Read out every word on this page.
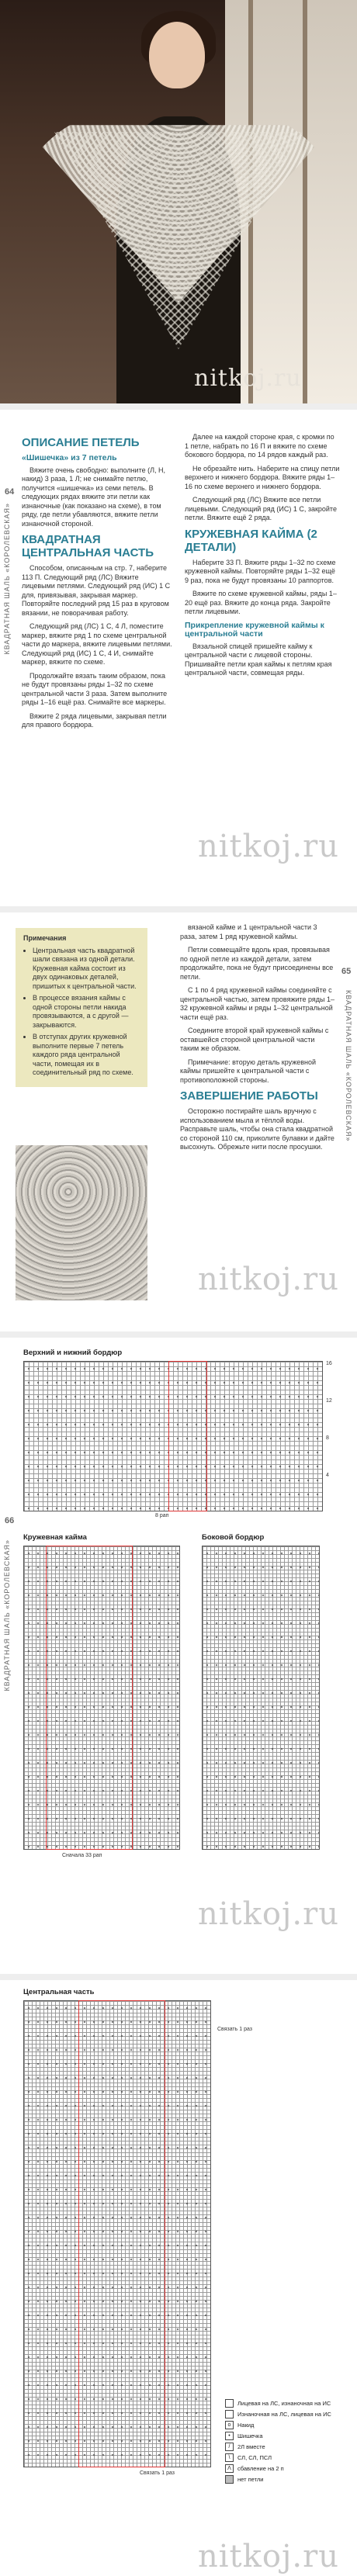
nitkoj.ru
КВАДРАТНАЯ ШАЛЬ «КОРОЛЕВСКАЯ»
64
ОПИСАНИЕ ПЕТЕЛЬ
«Шишечка» из 7 петель

Вяжите очень свободно: выполните (Л, Н, накид) 3 раза, 1 Л; не снимайте петлю, получится «шишечка» из семи петель. В следующих рядах вяжите эти петли как изнаночные (как показано на схеме), в том ряду, где петли убавляются, вяжите петли изнаночной стороной.

КВАДРАТНАЯ ЦЕНТРАЛЬНАЯ ЧАСТЬ

Способом, описанным на стр. 7, наберите 113 П. Следующий ряд (ЛС) Вяжите лицевыми петлями. Следующий ряд (ИС) 1 С для, привязывая, закрывая маркер. Повторяйте последний ряд 15 раз в круговом вязании, не поворачивая работу.

Следующий ряд (ЛС) 1 С, 4 Л, поместите маркер, вяжите ряд 1 по схеме центральной части до маркера, вяжите лицевыми петлями. Следующий ряд (ИС) 1 С, 4 И, снимайте маркер, вяжите по схеме.

Продолжайте вязать таким образом, пока не будут провязаны ряды 1–32 по схеме центральной части 3 раза. Затем выполните ряды 1–16 ещё раз. Снимайте все маркеры.

Вяжите 2 ряда лицевыми, закрывая петли для правого бордюра.

Далее на каждой стороне края, с кромки по 1 петле, набрать по 16 П и вяжите по схеме бокового бордюра, по 14 рядов каждый раз.

Не обрезайте нить. Наберите на спицу петли верхнего и нижнего бордюра. Вяжите ряды 1–16 по схеме верхнего и нижнего бордюра.

Следующий ряд (ЛС) Вяжите все петли лицевыми. Следующий ряд (ИС) 1 С, закройте петли. Вяжите ещё 2 ряда.

КРУЖЕВНАЯ КАЙМА (2 ДЕТАЛИ)

Наберите 33 П. Вяжите ряды 1–32 по схеме кружевной каймы. Повторяйте ряды 1–32 ещё 9 раз, пока не будут провязаны 10 раппортов.

Вяжите по схеме кружевной каймы, ряды 1–20 ещё раз. Вяжите до конца ряда. Закройте петли лицевыми.

Прикрепление кружевной каймы к центральной части

Вязальной спицей пришейте кайму к центральной части с лицевой стороны. Пришивайте петли края каймы к петлям края центральной части, совмещая ряды.

nitkoj.ru
Примечания
• Центральная часть квадратной шали связана из одной детали. Кружевная кайма состоит из двух одинаковых деталей, пришитых к центральной части.
• В процессе вязания каймы с одной стороны петли накида провязываются, а с другой — закрываются.
• В отступах других кружевной выполните первые 7 петель каждого ряда центральной части, помещая их в соединительный ряд по схеме.

вязаной кайме и 1 центральной части 3 раза, затем 1 ряд кружевной каймы.

Петли совмещайте вдоль края, провязывая по одной петле из каждой детали, затем продолжайте, пока не будут присоединены все петли.

С 1 по 4 ряд кружевной каймы соединяйте с центральной частью, затем провяжите ряды 1–32 кружевной каймы и ряды 1–32 центральной части ещё раз.

Соедините второй край кружевной каймы с оставшейся стороной центральной части таким же образом.

Примечание: вторую деталь кружевной каймы пришейте к центральной части с противоположной стороны.

ЗАВЕРШЕНИЕ РАБОТЫ

Осторожно постирайте шаль вручную с использованием мыла и тёплой воды. Расправьте шаль, чтобы она стала квадратной со стороной 110 см, приколите булавки и дайте высохнуть. Обрежьте нити после просушки.

65
КВАДРАТНАЯ ШАЛЬ «КОРОЛЕВСКАЯ»
nitkoj.ru
66
КВАДРАТНАЯ ШАЛЬ «КОРОЛЕВСКАЯ»
Верхний и нижний бордюр
16
12
8
4
8 рап
Кружевная кайма
Сначала 33 рап
Боковой бордюр
nitkoj.ru
Центральная часть
Связать 1 раз
Связать 1 раз
Лицевая на ЛС, изнаночная на ИС
Изнаночная на ЛС, лицевая на ИС
o	Накид
•	Шишечка
/	2Л вместе
\	СЛ, СЛ, ПСЛ
Λ	сбавление на 2 п
нет петли
nitkoj.ru
